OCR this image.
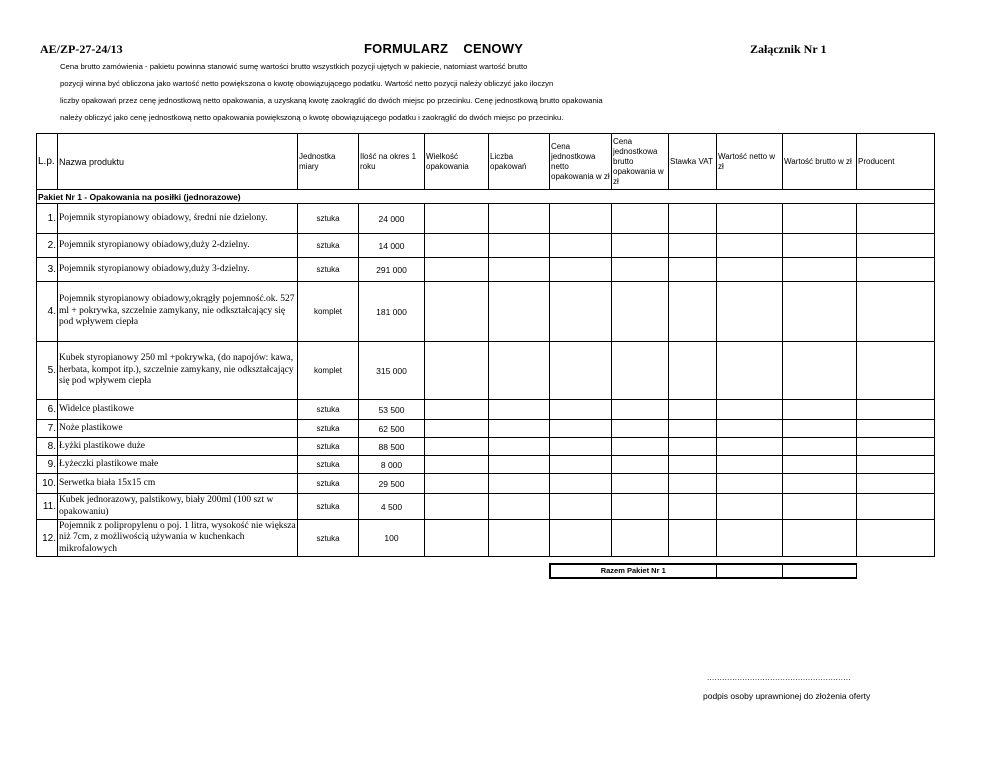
AE/ZP-27-24/13	FORMULARZ    CENOWY	Załącznik Nr 1
Cena brutto zamówienia - pakietu powinna stanowić sumę wartości brutto wszystkich pozycji ujętych w pakiecie, natomiast wartość brutto
pozycji winna być obliczona jako wartość netto powiększona o kwotę obowiązującego podatku. Wartość netto pozycji należy obliczyć jako iloczyn
liczby opakowań przez cenę jednostkową netto opakowania, a uzyskaną kwotę zaokrąglić do dwóch miejsc po przecinku. Cenę jednostkową brutto opakowania
należy obliczyć jako cenę jednostkową netto opakowania powiększoną o kwotę obowiązującego podatku i zaokrąglić do dwóch miejsc po przecinku.
L.p.	Nazwa produktu	Jednostka miary	Ilość na okres 1 roku	Wielkość opakowania	Liczba opakowań	Cena jednostkowa netto opakowania w zł	Cena jednostkowa brutto opakowania w zł	Stawka VAT	Wartość netto w zł	Wartość brutto w zł	Producent
Pakiet Nr 1 - Opakowania na posiłki (jednorazowe)											
1.	Pojemnik styropianowy obiadowy, średni nie dzielony.	sztuka	24 000								
2.	Pojemnik styropianowy obiadowy,duży 2-dzielny.	sztuka	14 000								
3.	Pojemnik styropianowy obiadowy,duży 3-dzielny.	sztuka	291 000								
4.	Pojemnik styropianowy obiadowy,okrągły pojemność.ok. 527 ml + pokrywka, szczelnie zamykany, nie odkształcający się pod wpływem ciepła	komplet	181 000								
5.	Kubek styropianowy 250 ml +pokrywka, (do napojów: kawa, herbata, kompot itp.), szczelnie zamykany, nie odkształcający się pod wpływem ciepła	komplet	315 000								
6.	Widelce plastikowe	sztuka	53 500								
7.	Noże plastikowe	sztuka	62 500								
8.	Łyżki plastikowe duże	sztuka	88 500								
9.	Łyżeczki plastikowe małe	sztuka	8 000								
10.	Serwetka biała 15x15 cm	sztuka	29 500								
11.	Kubek jednorazowy, palstikowy, biały 200ml (100 szt w opakowaniu)	sztuka	4 500								
12.	Pojemnik z polipropylenu o poj. 1 litra, wysokość nie większa niż 7cm, z możliwością używania w kuchenkach mikrofalowych	sztuka	100								

						Razem Pakiet Nr 1					
.........................................................
podpis osoby uprawnionej do złożenia oferty
